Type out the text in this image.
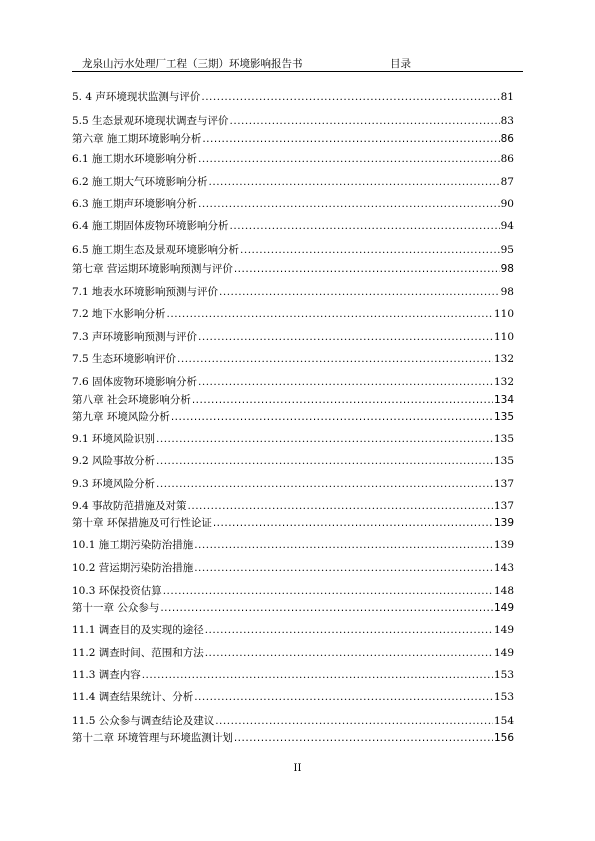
龙泉山污水处理厂工程（三期）环境影响报告书	目录
5. 4 声环境现状监测与评价 .....	81
5.5 生态景观环境现状调查与评价 .....	83
第六章 施工期环境影响分析 .....	86
6.1 施工期水环境影响分析 .....	86
6.2 施工期大气环境影响分析 .....	87
6.3 施工期声环境影响分析 .....	90
6.4 施工期固体废物环境影响分析 .....	94
6.5 施工期生态及景观环境影响分析 .....	95
第七章 营运期环境影响预测与评价 .....	98
7.1 地表水环境影响预测与评价 .....	98
7.2 地下水影响分析 .....	110
7.3 声环境影响预测与评价 .....	110
7.5 生态环境影响评价 .....	132
7.6 固体废物环境影响分析 .....	132
第八章 社会环境影响分析 .....	134
第九章 环境风险分析 .....	135
9.1 环境风险识别 .....	135
9.2 风险事故分析 .....	135
9.3 环境风险分析 .....	137
9.4 事故防范措施及对策 .....	137
第十章 环保措施及可行性论证 .....	139
10.1 施工期污染防治措施 .....	139
10.2 营运期污染防治措施 .....	143
10.3 环保投资估算 .....	148
第十一章 公众参与 .....	149
11.1 调查目的及实现的途径 .....	149
11.2 调查时间、范围和方法 .....	149
11.3 调查内容 .....	153
11.4 调查结果统计、分析 .....	153
11.5 公众参与调查结论及建议 .....	154
第十二章 环境管理与环境监测计划 .....	156
II
